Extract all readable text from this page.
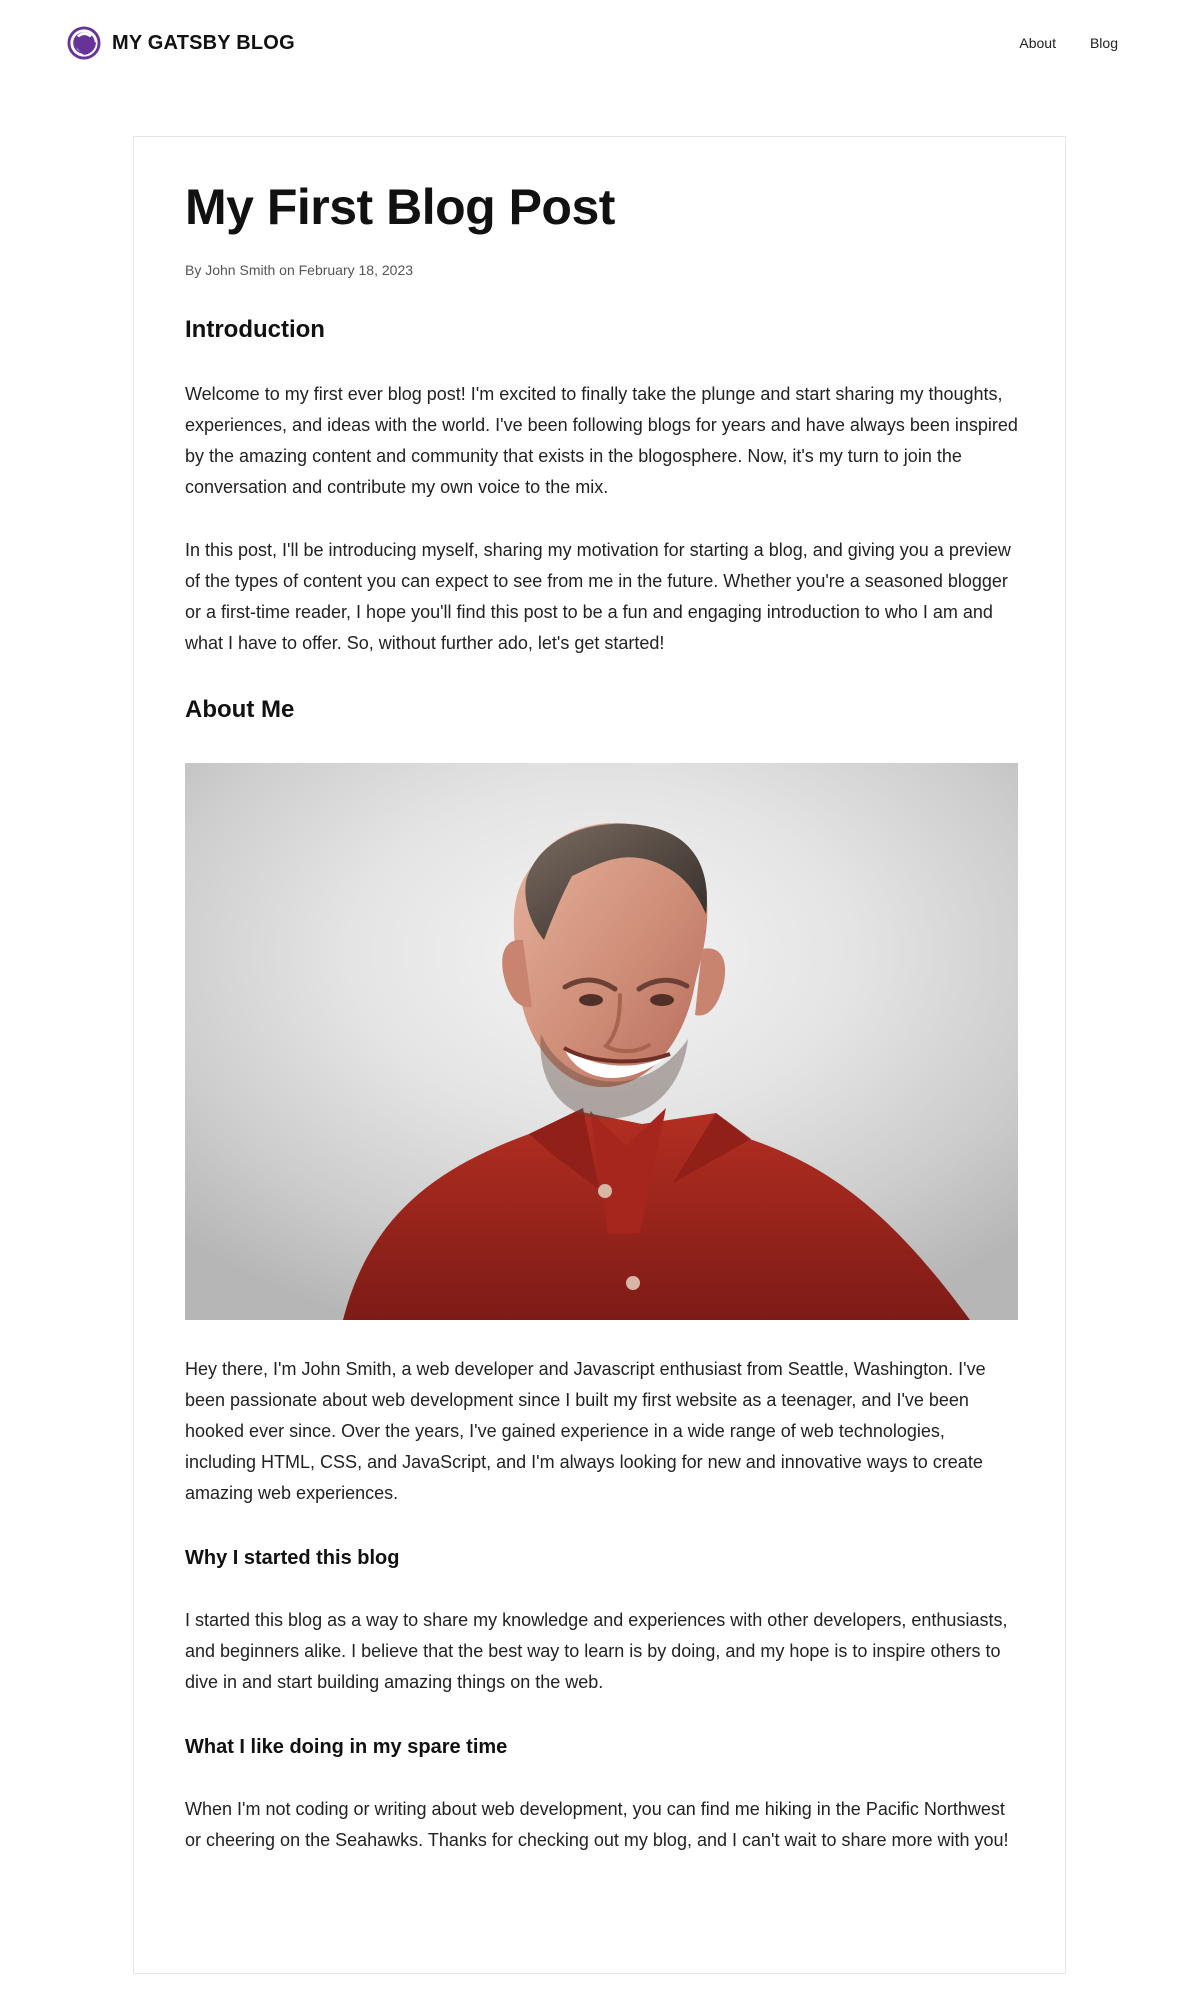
MY GATSBY BLOG	About Blog
My First Blog Post

By John Smith on February 18, 2023

Introduction

Welcome to my first ever blog post! I'm excited to finally take the plunge and start sharing my thoughts, experiences, and ideas with the world. I've been following blogs for years and have always been inspired by the amazing content and community that exists in the blogosphere. Now, it's my turn to join the conversation and contribute my own voice to the mix.

In this post, I'll be introducing myself, sharing my motivation for starting a blog, and giving you a preview of the types of content you can expect to see from me in the future. Whether you're a seasoned blogger or a first-time reader, I hope you'll find this post to be a fun and engaging introduction to who I am and what I have to offer. So, without further ado, let's get started!

About Me

Hey there, I'm John Smith, a web developer and Javascript enthusiast from Seattle, Washington. I've been passionate about web development since I built my first website as a teenager, and I've been hooked ever since. Over the years, I've gained experience in a wide range of web technologies, including HTML, CSS, and JavaScript, and I'm always looking for new and innovative ways to create amazing web experiences.

Why I started this blog

I started this blog as a way to share my knowledge and experiences with other developers, enthusiasts, and beginners alike. I believe that the best way to learn is by doing, and my hope is to inspire others to dive in and start building amazing things on the web.

What I like doing in my spare time

When I'm not coding or writing about web development, you can find me hiking in the Pacific Northwest or cheering on the Seahawks. Thanks for checking out my blog, and I can't wait to share more with you!
